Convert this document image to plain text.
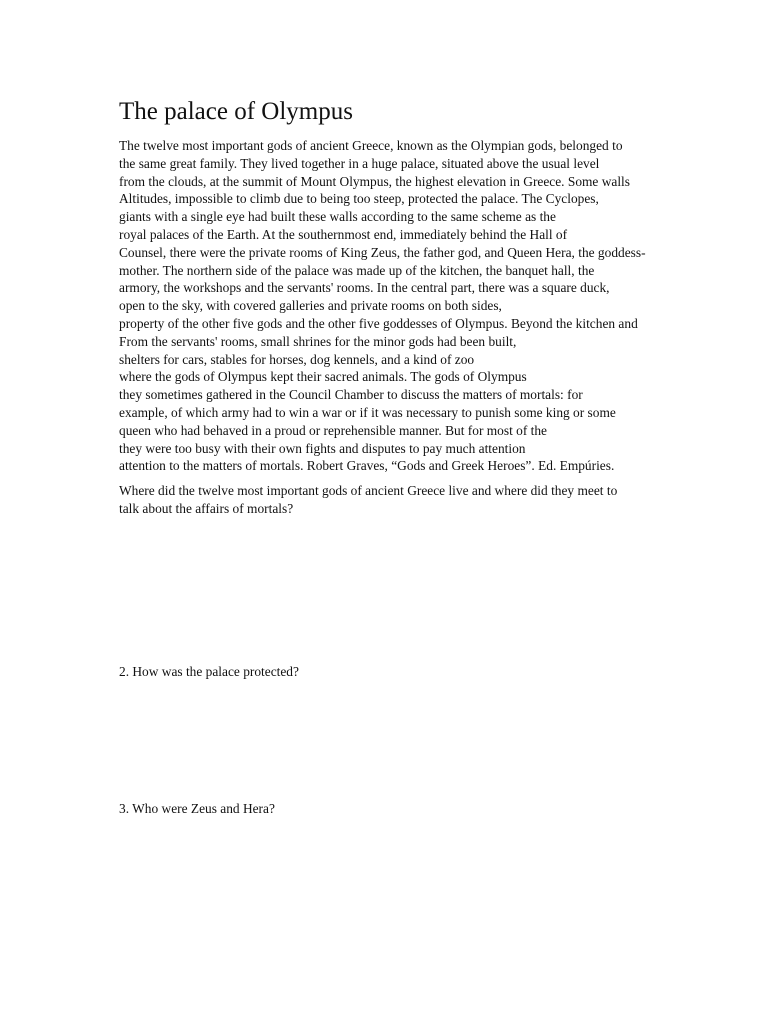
The palace of Olympus

The twelve most important gods of ancient Greece, known as the Olympian gods, belonged to
the same great family. They lived together in a huge palace, situated above the usual level
from the clouds, at the summit of Mount Olympus, the highest elevation in Greece. Some walls
Altitudes, impossible to climb due to being too steep, protected the palace. The Cyclopes,
giants with a single eye had built these walls according to the same scheme as the
royal palaces of the Earth. At the southernmost end, immediately behind the Hall of
Counsel, there were the private rooms of King Zeus, the father god, and Queen Hera, the goddess-
mother. The northern side of the palace was made up of the kitchen, the banquet hall, the
armory, the workshops and the servants' rooms. In the central part, there was a square duck,
open to the sky, with covered galleries and private rooms on both sides,
property of the other five gods and the other five goddesses of Olympus. Beyond the kitchen and
From the servants' rooms, small shrines for the minor gods had been built,
shelters for cars, stables for horses, dog kennels, and a kind of zoo
where the gods of Olympus kept their sacred animals. The gods of Olympus
they sometimes gathered in the Council Chamber to discuss the matters of mortals: for
example, of which army had to win a war or if it was necessary to punish some king or some
queen who had behaved in a proud or reprehensible manner. But for most of the
they were too busy with their own fights and disputes to pay much attention
attention to the matters of mortals. Robert Graves, “Gods and Greek Heroes”. Ed. Empúries.

Where did the twelve most important gods of ancient Greece live and where did they meet to
talk about the affairs of mortals?

2. How was the palace protected?

3. Who were Zeus and Hera?
